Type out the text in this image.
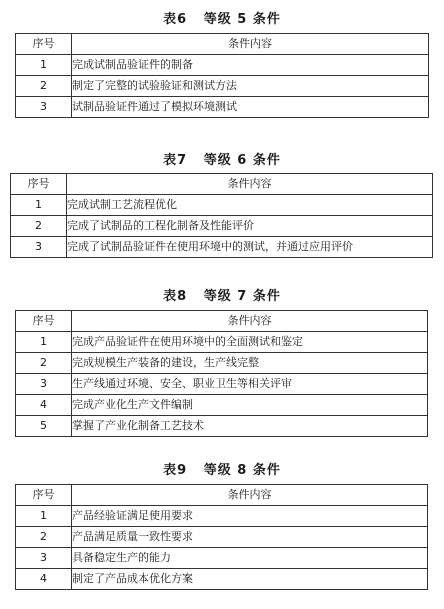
表6   等级 5 条件
序号	条件内容
1	完成试制品验证件的制备
2	制定了完整的试验验证和测试方法
3	试制品验证件通过了模拟环境测试
表7   等级 6 条件
序号	条件内容
1	完成试制工艺流程优化
2	完成了试制品的工程化制备及性能评价
3	完成了试制品验证件在使用环境中的测试，并通过应用评价
表8   等级 7 条件
序号	条件内容
1	完成产品验证件在使用环境中的全面测试和鉴定
2	完成规模生产装备的建设，生产线完整
3	生产线通过环境、安全、职业卫生等相关评审
4	完成产业化生产文件编制
5	掌握了产业化制备工艺技术
表9   等级 8 条件
序号	条件内容
1	产品经验证满足使用要求
2	产品满足质量一致性要求
3	具备稳定生产的能力
4	制定了产品成本优化方案
